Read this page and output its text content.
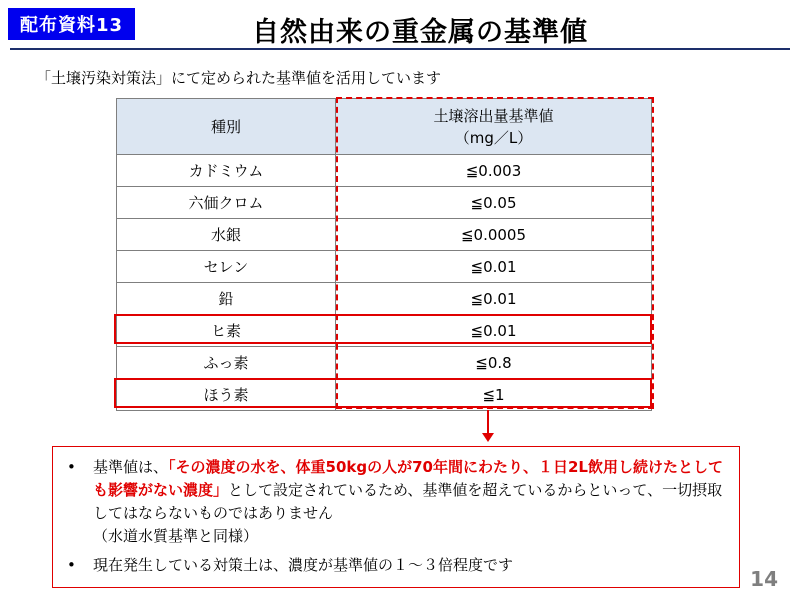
配布資料13	自然由来の重金属の基準値
「土壌汚染対策法」にて定められた基準値を活用しています
種別	土壌溶出量基準値
（mg／L）

カドミウム	≦0.003
六価クロム	≦0.05
水銀	≦0.0005
セレン	≦0.01
鉛	≦0.01
ヒ素	≦0.01
ふっ素	≦0.8
ほう素	≦1
•	基準値は、「その濃度の水を、体重50kgの人が70年間にわたり、１日2L飲用し続けたとしても影響がない濃度」として設定されているため、基準値を超えているからといって、一切摂取してはならないものではありません
（水道水質基準と同様）
•	現在発生している対策土は、濃度が基準値の１～３倍程度です
14
